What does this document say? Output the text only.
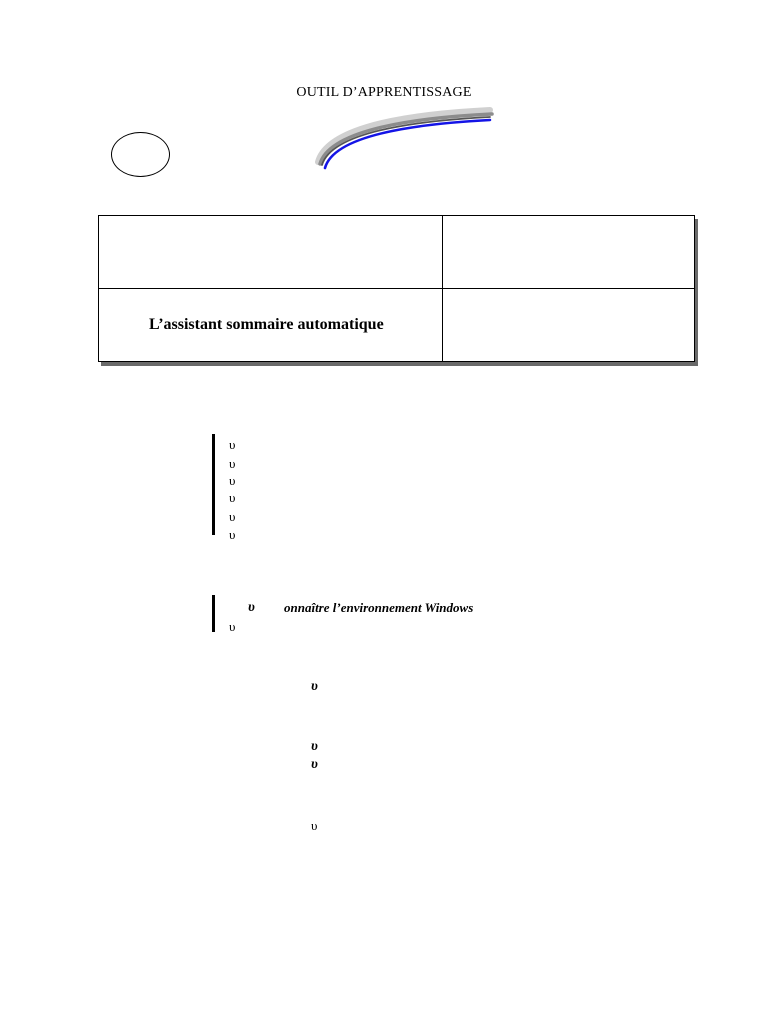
OUTIL D’APPRENTISSAGE

L’assistant sommaire automatique	

υ
υ
υ
υ
υ
υ
υ onnaître l’environnement Windows
υ
υ
υ
υ
υ
